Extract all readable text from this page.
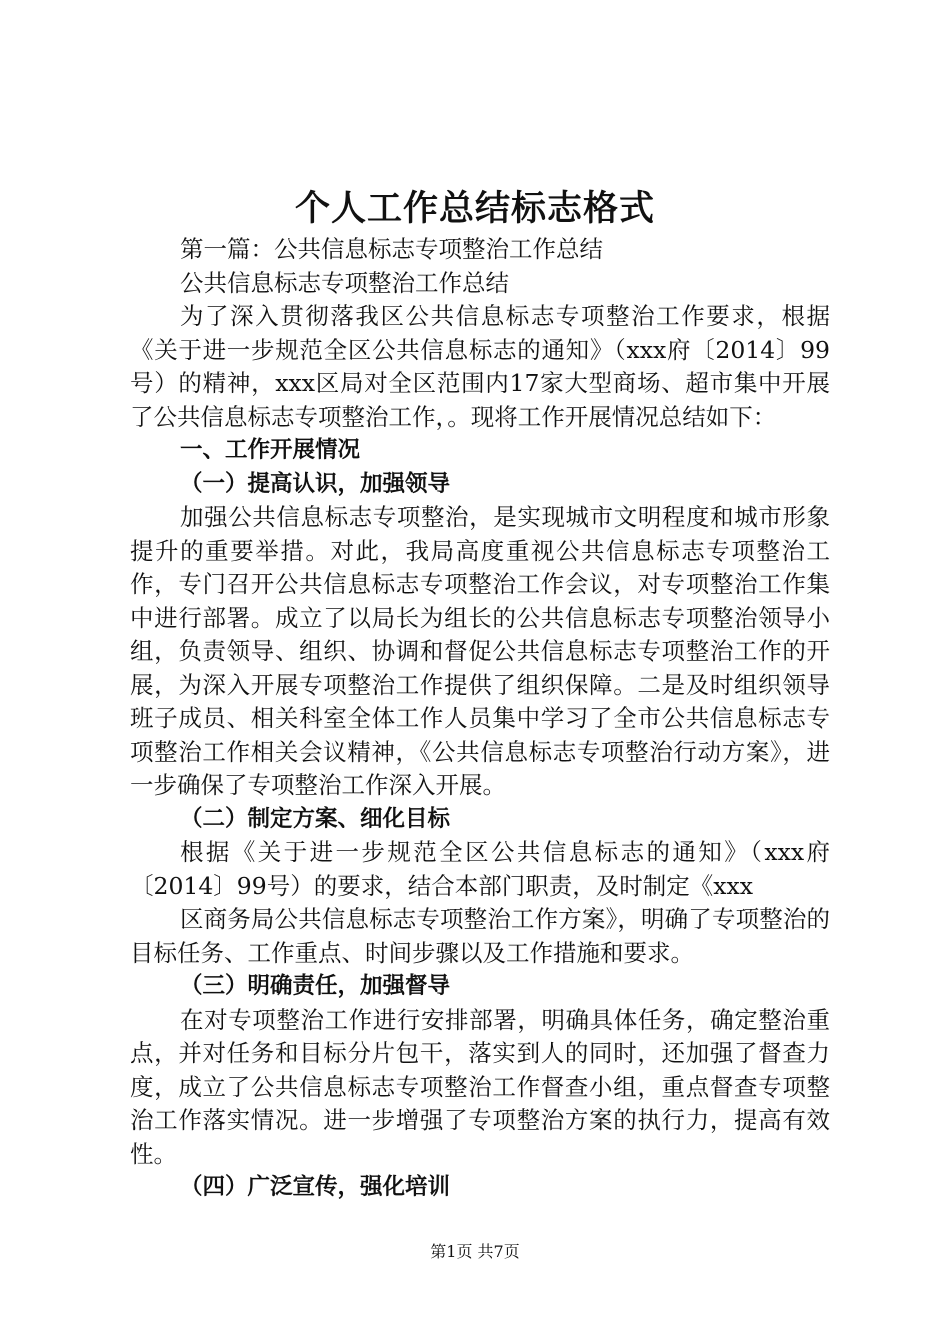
个人工作总结标志格式

第一篇：公共信息标志专项整治工作总结

公共信息标志专项整治工作总结

为了深入贯彻落我区公共信息标志专项整治工作要求，根据《关于进一步规范全区公共信息标志的通知》（xxx府〔2014〕99号）的精神，xxx区局对全区范围内17家大型商场、超市集中开展了公共信息标志专项整治工作，。现将工作开展情况总结如下：

一、工作开展情况

（一）提高认识，加强领导

加强公共信息标志专项整治，是实现城市文明程度和城市形象提升的重要举措。对此，我局高度重视公共信息标志专项整治工作，专门召开公共信息标志专项整治工作会议，对专项整治工作集中进行部署。成立了以局长为组长的公共信息标志专项整治领导小组，负责领导、组织、协调和督促公共信息标志专项整治工作的开展，为深入开展专项整治工作提供了组织保障。二是及时组织领导班子成员、相关科室全体工作人员集中学习了全市公共信息标志专项整治工作相关会议精神，《公共信息标志专项整治行动方案》，进一步确保了专项整治工作深入开展。

（二）制定方案、细化目标

根据《关于进一步规范全区公共信息标志的通知》（xxx府〔2014〕99号）的要求，结合本部门职责，及时制定《xxx

区商务局公共信息标志专项整治工作方案》，明确了专项整治的目标任务、工作重点、时间步骤以及工作措施和要求。

（三）明确责任，加强督导

在对专项整治工作进行安排部署，明确具体任务，确定整治重点，并对任务和目标分片包干，落实到人的同时，还加强了督查力度，成立了公共信息标志专项整治工作督查小组，重点督查专项整治工作落实情况。进一步增强了专项整治方案的执行力，提高有效性。

（四）广泛宣传，强化培训

第1页 共7页
